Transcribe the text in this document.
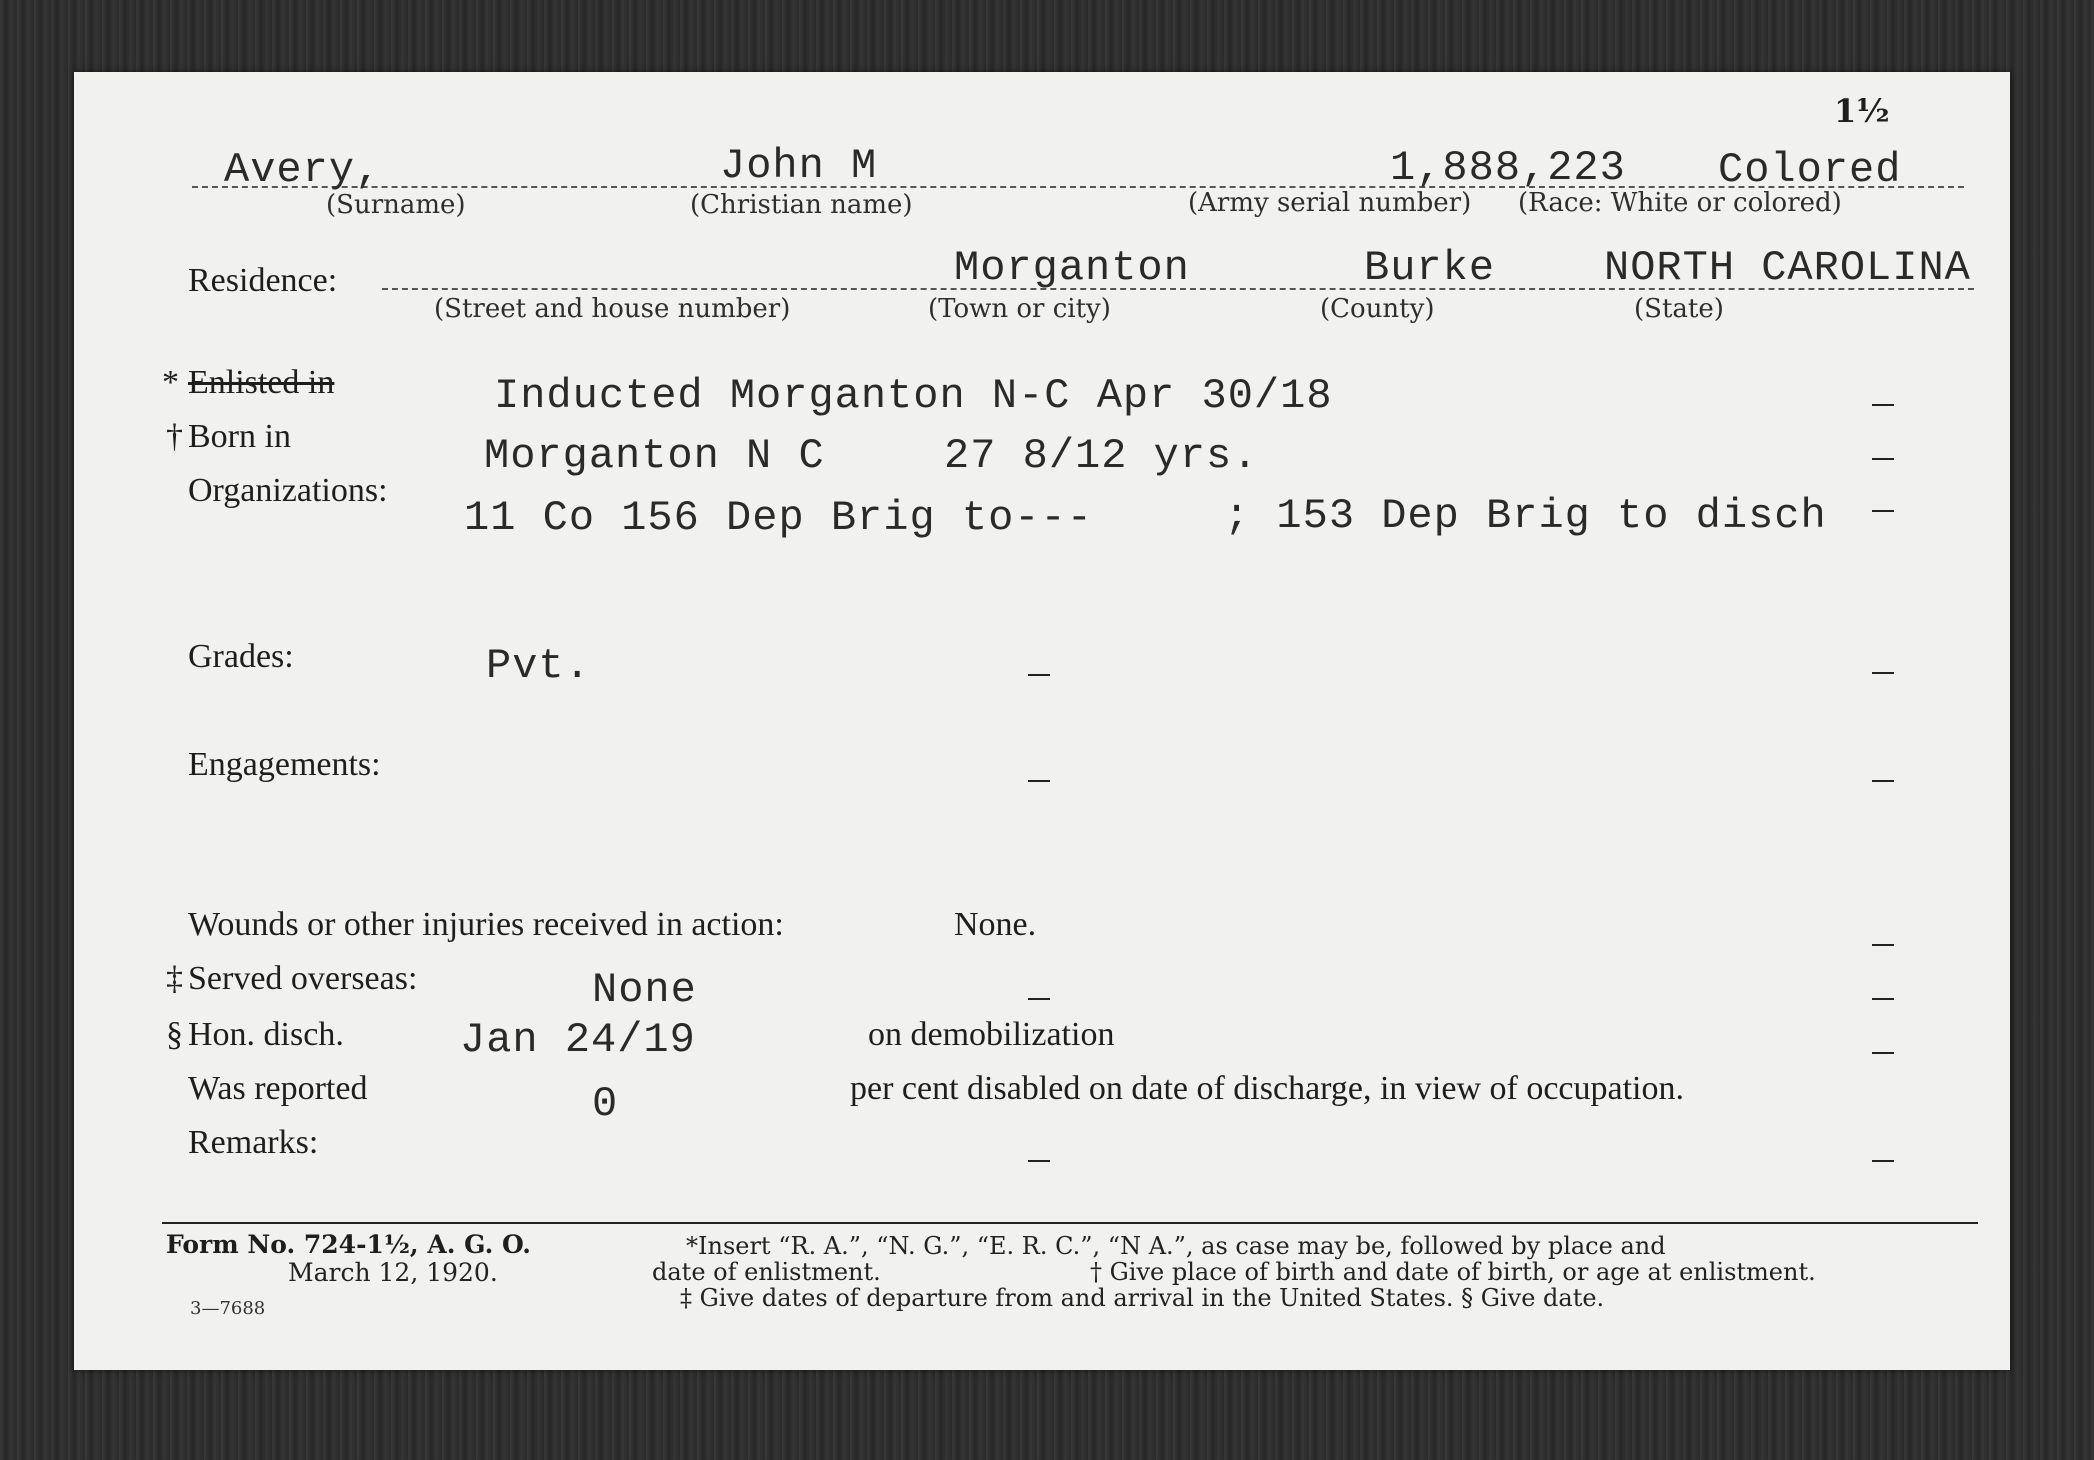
1½
Avery,	John M	1,888,223 Colored
(Surname)	(Christian name)	(Army serial number) (Race: White or colored)
Residence:	Morganton	Burke	NORTH CAROLINA
(Street and house number)	(Town or city)	(County)	(State)
* Enlisted in	Inducted Morganton N-C Apr 30/18
† Born in	Morganton N C	27 8/12 yrs.
Organizations:
11 Co 156 Dep Brig to---	; 153 Dep Brig to disch
Grades:	Pvt.
Engagements:
Wounds or other injuries received in action:	None.
‡ Served overseas:	None
§ Hon. disch.	Jan 24/19	on demobilization
Was reported	0	per cent disabled on date of discharge, in view of occupation.
Remarks:
Form No. 724-1½, A. G. O.
March 12, 1920.
3—7688
*Insert “R. A.”, “N. G.”, “E. R. C.”, “N A.”, as case may be, followed by place and
date of enlistment.	† Give place of birth and date of birth, or age at enlistment.
‡ Give dates of departure from and arrival in the United States. § Give date.
